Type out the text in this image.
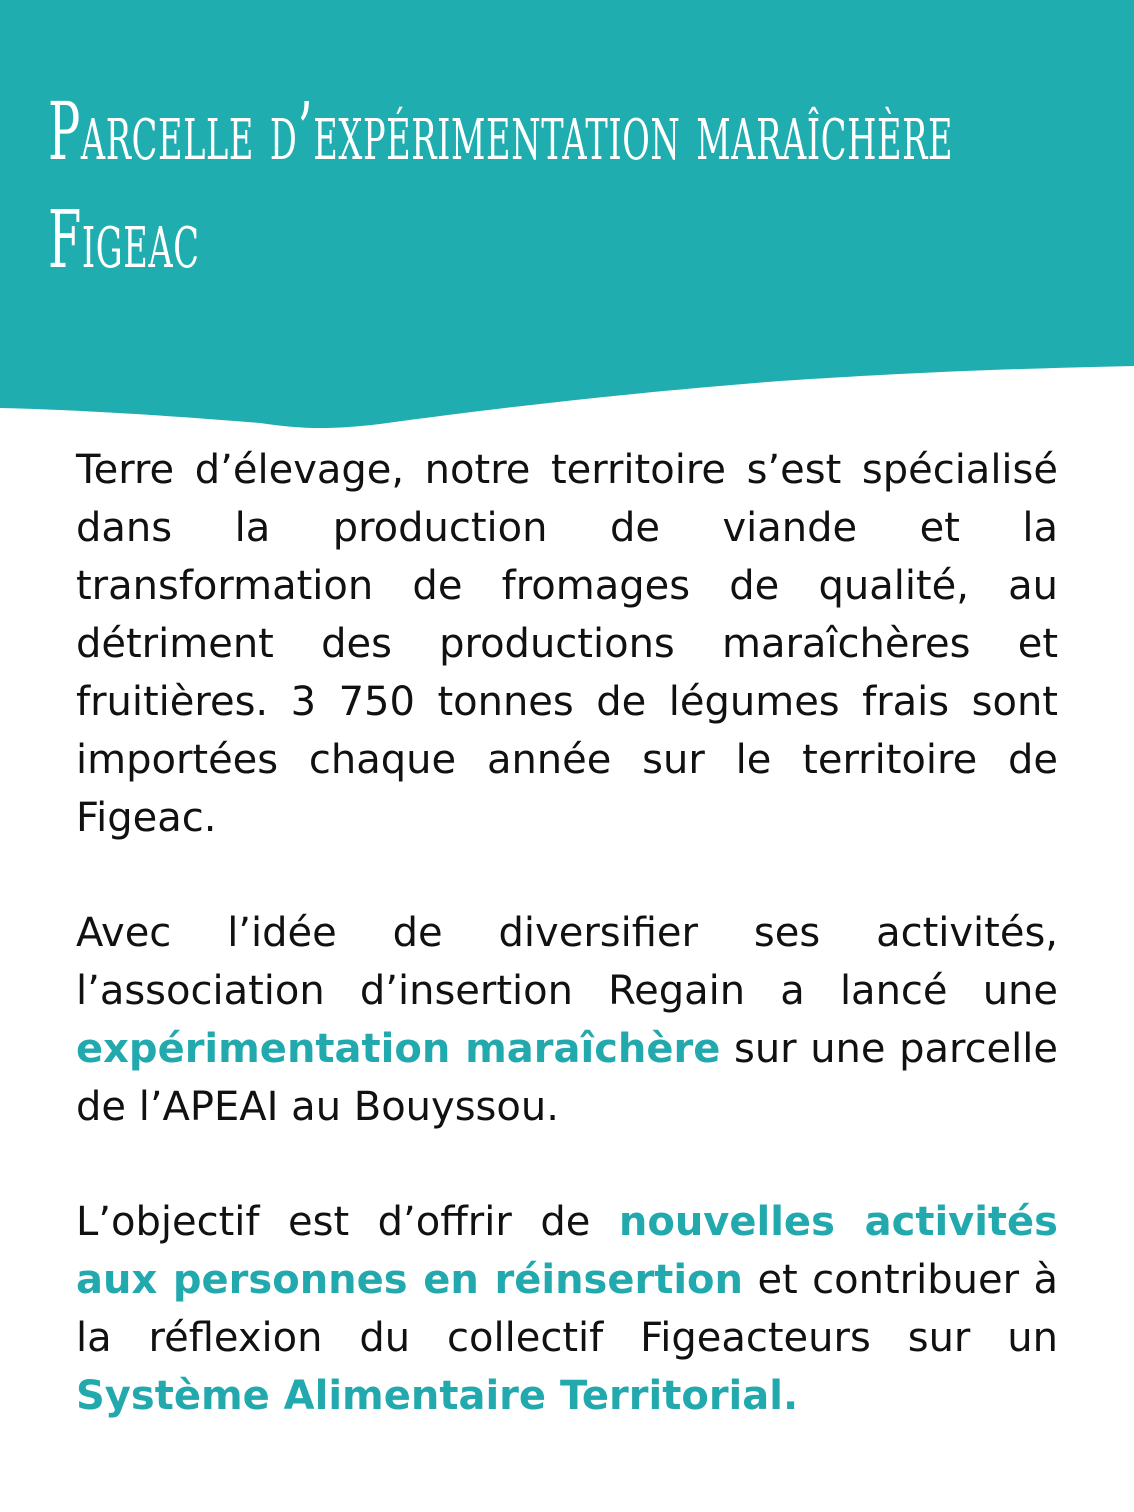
Parcelle d’expérimentation maraîchère
Figeac

Terre d’élevage, notre territoire s’est spécialisé dans la production de viande et la transformation de fromages de qualité, au détriment des productions maraîchères et fruitières. 3 750 tonnes de légumes frais sont importées chaque année sur le territoire de Figeac.

Avec l’idée de diversifier ses activités, l’association d’insertion Regain a lancé une expérimentation maraîchère sur une parcelle de l’APEAI au Bouyssou.

L’objectif est d’offrir de nouvelles activités aux personnes en réinsertion et contribuer à la réflexion du collectif Figeacteurs sur un Système Alimentaire Territorial.
